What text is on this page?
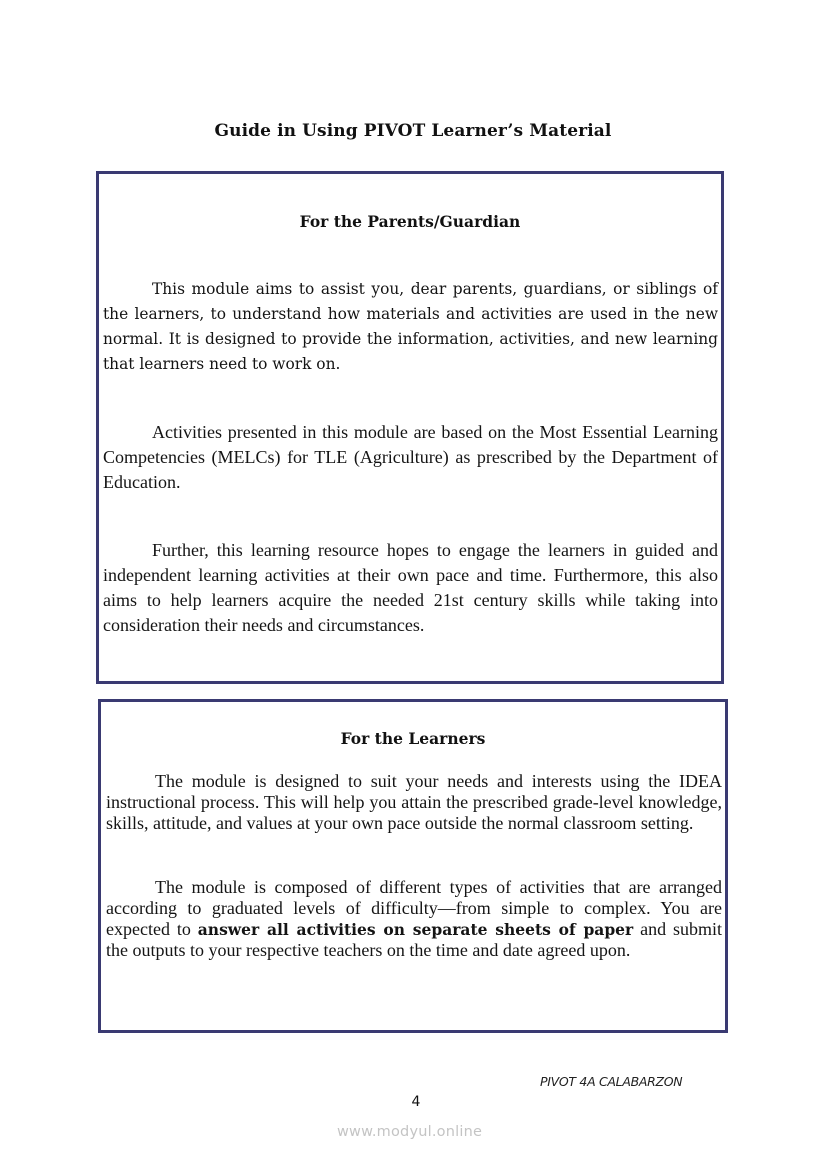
Guide in Using PIVOT Learner’s Material
For the Parents/Guardian

This module aims to assist you, dear parents, guardians, or siblings of the learners, to understand how materials and activities are used in the new normal. It is designed to provide the information, activities, and new learning that learners need to work on.

Activities presented in this module are based on the Most Essential Learning Competencies (MELCs) for TLE (Agriculture) as prescribed by the Department of Education.

Further, this learning resource hopes to engage the learners in guided and independent learning activities at their own pace and time. Furthermore, this also aims to help learners acquire the needed 21st century skills while taking into consideration their needs and circumstances.

For the Learners

The module is designed to suit your needs and interests using the IDEA instructional process. This will help you attain the prescribed grade-level knowledge, skills, attitude, and values at your own pace outside the normal classroom setting.

The module is composed of different types of activities that are arranged according to graduated levels of difficulty—from simple to complex. You are expected to answer all activities on separate sheets of paper and submit the outputs to your respective teachers on the time and date agreed upon.

PIVOT 4A CALABARZON
4
www.modyul.online
